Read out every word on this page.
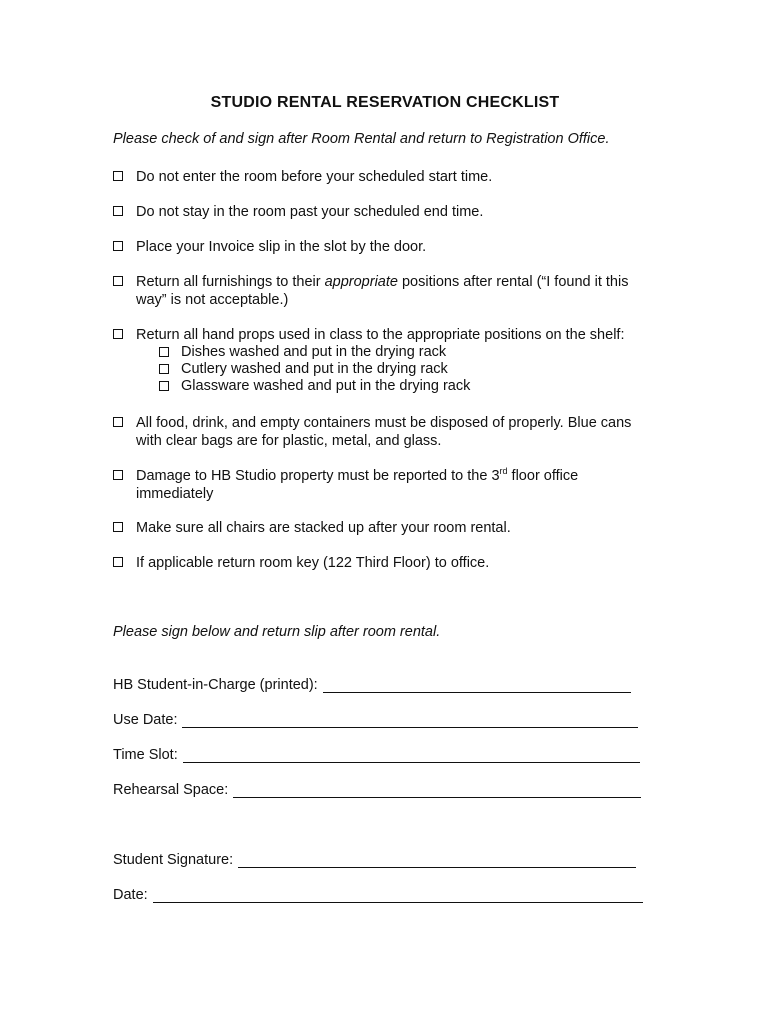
STUDIO RENTAL RESERVATION CHECKLIST
Please check of and sign after Room Rental and return to Registration Office.
Do not enter the room before your scheduled start time.
Do not stay in the room past your scheduled end time.
Place your Invoice slip in the slot by the door.
Return all furnishings to their appropriate positions after rental (“I found it this way” is not acceptable.)
Return all hand props used in class to the appropriate positions on the shelf:
Dishes washed and put in the drying rack
Cutlery washed and put in the drying rack
Glassware washed and put in the drying rack
All food, drink, and empty containers must be disposed of properly. Blue cans with clear bags are for plastic, metal, and glass.
Damage to HB Studio property must be reported to the 3rd floor office immediately
Make sure all chairs are stacked up after your room rental.
If applicable return room key (122 Third Floor) to office.
Please sign below and return slip after room rental.
HB Student-in-Charge (printed):
Use Date:
Time Slot:
Rehearsal Space:
Student Signature:
Date:
